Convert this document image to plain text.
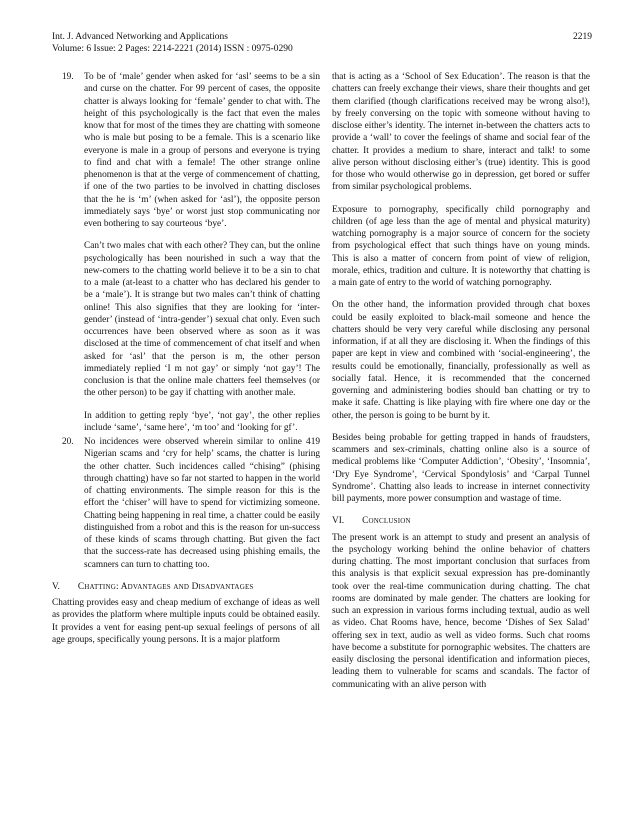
Int. J. Advanced Networking and Applications	2219
Volume: 6 Issue: 2 Pages: 2214-2221 (2014) ISSN : 0975-0290
19. To be of ‘male’ gender when asked for ‘asl’ seems to be a sin and curse on the chatter. For 99 percent of cases, the opposite chatter is always looking for ‘female’ gender to chat with. The height of this psychologically is the fact that even the males know that for most of the times they are chatting with someone who is male but posing to be a female. This is a scenario like everyone is male in a group of persons and everyone is trying to find and chat with a female! The other strange online phenomenon is that at the verge of commencement of chatting, if one of the two parties to be involved in chatting discloses that the he is ‘m’ (when asked for ‘asl’), the opposite person immediately says ‘bye’ or worst just stop communicating nor even bothering to say courteous ‘bye’.

Can’t two males chat with each other? They can, but the online psychologically has been nourished in such a way that the new-comers to the chatting world believe it to be a sin to chat to a male (at-least to a chatter who has declared his gender to be a ‘male’). It is strange but two males can’t think of chatting online! This also signifies that they are looking for ‘inter-gender’ (instead of ‘intra-gender’) sexual chat only. Even such occurrences have been observed where as soon as it was disclosed at the time of commencement of chat itself and when asked for ‘asl’ that the person is m, the other person immediately replied ‘I m not gay’ or simply ‘not gay’! The conclusion is that the online male chatters feel themselves (or the other person) to be gay if chatting with another male.

In addition to getting reply ‘bye’, ‘not gay’, the other replies include ‘same’, ‘same here’, ‘m too’ and ‘looking for gf’.

20. No incidences were observed wherein similar to online 419 Nigerian scams and ‘cry for help’ scams, the chatter is luring the other chatter. Such incidences called “chising” (phising through chatting) have so far not started to happen in the world of chatting environments. The simple reason for this is the effort the ‘chiser’ will have to spend for victimizing someone. Chatting being happening in real time, a chatter could be easily distinguished from a robot and this is the reason for un-success of these kinds of scams through chatting. But given the fact that the success-rate has decreased using phishing emails, the scamners can turn to chatting too.

V. Chatting: Advantages and Disadvantages

Chatting provides easy and cheap medium of exchange of ideas as well as provides the platform where multiple inputs could be obtained easily. It provides a vent for easing pent-up sexual feelings of persons of all age groups, specifically young persons. It is a major platform

that is acting as a ‘School of Sex Education’. The reason is that the chatters can freely exchange their views, share their thoughts and get them clarified (though clarifications received may be wrong also!), by freely conversing on the topic with someone without having to disclose either’s identity. The internet in-between the chatters acts to provide a ‘wall’ to cover the feelings of shame and social fear of the chatter. It provides a medium to share, interact and talk! to some alive person without disclosing either’s (true) identity. This is good for those who would otherwise go in depression, get bored or suffer from similar psychological problems.

Exposure to pornography, specifically child pornography and children (of age less than the age of mental and physical maturity) watching pornography is a major source of concern for the society from psychological effect that such things have on young minds. This is also a matter of concern from point of view of religion, morale, ethics, tradition and culture. It is noteworthy that chatting is a main gate of entry to the world of watching pornography.

On the other hand, the information provided through chat boxes could be easily exploited to black-mail someone and hence the chatters should be very very careful while disclosing any personal information, if at all they are disclosing it. When the findings of this paper are kept in view and combined with ‘social-engineering’, the results could be emotionally, financially, professionally as well as socially fatal. Hence, it is recommended that the concerned governing and administering bodies should ban chatting or try to make it safe. Chatting is like playing with fire where one day or the other, the person is going to be burnt by it.

Besides being probable for getting trapped in hands of fraudsters, scammers and sex-criminals, chatting online also is a source of medical problems like ‘Computer Addiction’, ‘Obesity’, ‘Insomnia’, ‘Dry Eye Syndrome’, ‘Cervical Spondylosis’ and ‘Carpal Tunnel Syndrome’. Chatting also leads to increase in internet connectivity bill payments, more power consumption and wastage of time.

VI. Conclusion

The present work is an attempt to study and present an analysis of the psychology working behind the online behavior of chatters during chatting. The most important conclusion that surfaces from this analysis is that explicit sexual expression has pre-dominantly took over the real-time communication during chatting. The chat rooms are dominated by male gender. The chatters are looking for such an expression in various forms including textual, audio as well as video. Chat Rooms have, hence, become ‘Dishes of Sex Salad’ offering sex in text, audio as well as video forms. Such chat rooms have become a substitute for pornographic websites. The chatters are easily disclosing the personal identification and information pieces, leading them to vulnerable for scams and scandals. The factor of communicating with an alive person with
